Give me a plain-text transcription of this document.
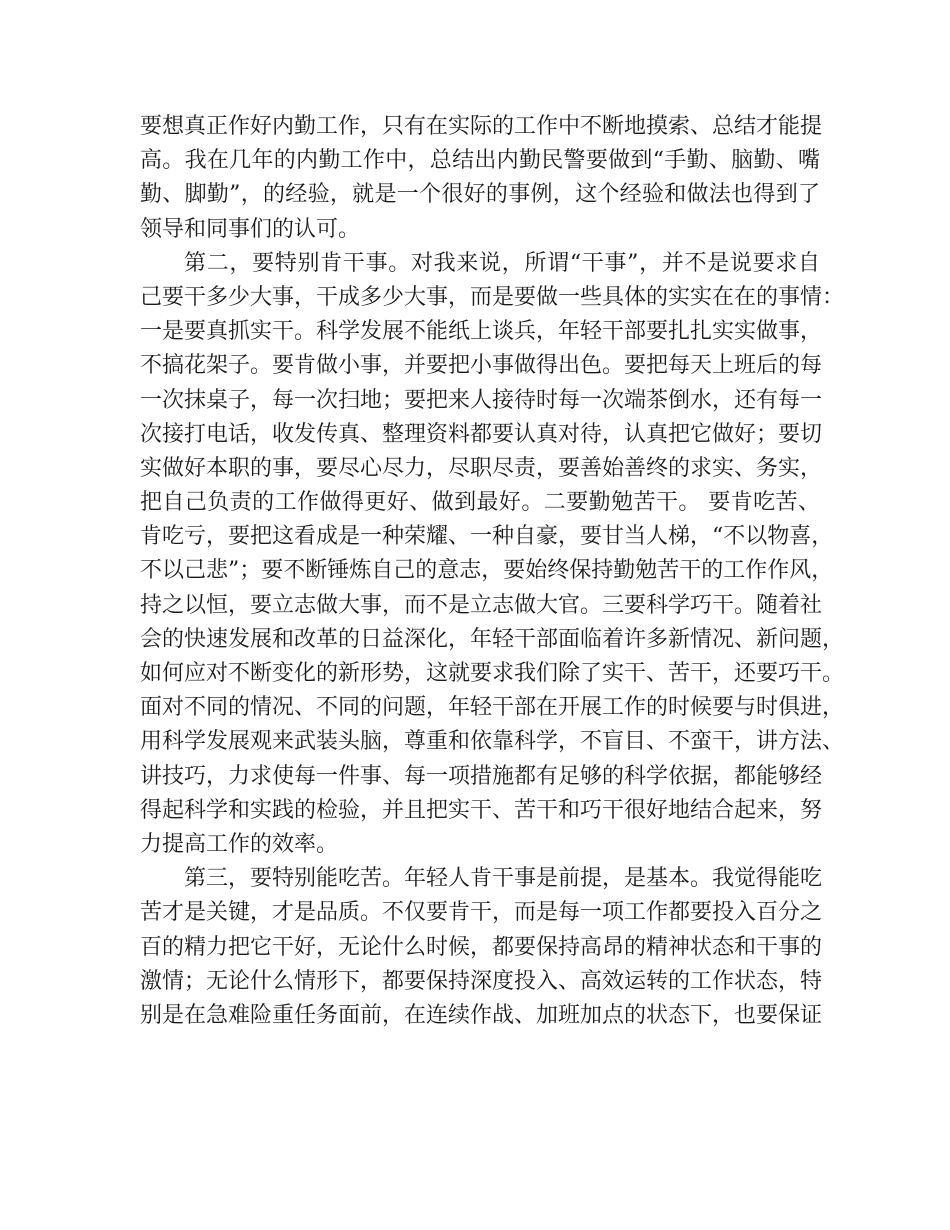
要想真正作好内勤工作，只有在实际的工作中不断地摸索、总结才能提
高。我在几年的内勤工作中，总结出内勤民警要做到“手勤、脑勤、嘴
勤、脚勤”，的经验，就是一个很好的事例，这个经验和做法也得到了
领导和同事们的认可。
第二，要特别肯干事。对我来说，所谓“干事”，并不是说要求自
己要干多少大事，干成多少大事，而是要做一些具体的实实在在的事情：
一是要真抓实干。科学发展不能纸上谈兵，年轻干部要扎扎实实做事，
不搞花架子。要肯做小事，并要把小事做得出色。要把每天上班后的每
一次抹桌子，每一次扫地；要把来人接待时每一次端茶倒水，还有每一
次接打电话，收发传真、整理资料都要认真对待，认真把它做好；要切
实做好本职的事，要尽心尽力，尽职尽责，要善始善终的求实、务实，
把自己负责的工作做得更好、做到最好。二要勤勉苦干。 要肯吃苦、
肯吃亏，要把这看成是一种荣耀、一种自豪，要甘当人梯，“不以物喜，
不以己悲”；要不断锤炼自己的意志，要始终保持勤勉苦干的工作作风，
持之以恒，要立志做大事，而不是立志做大官。三要科学巧干。随着社
会的快速发展和改革的日益深化，年轻干部面临着许多新情况、新问题，
如何应对不断变化的新形势，这就要求我们除了实干、苦干，还要巧干。
面对不同的情况、不同的问题，年轻干部在开展工作的时候要与时俱进，
用科学发展观来武装头脑，尊重和依靠科学，不盲目、不蛮干，讲方法、
讲技巧，力求使每一件事、每一项措施都有足够的科学依据，都能够经
得起科学和实践的检验，并且把实干、苦干和巧干很好地结合起来，努
力提高工作的效率。
第三，要特别能吃苦。年轻人肯干事是前提，是基本。我觉得能吃
苦才是关键，才是品质。不仅要肯干，而是每一项工作都要投入百分之
百的精力把它干好，无论什么时候，都要保持高昂的精神状态和干事的
激情；无论什么情形下，都要保持深度投入、高效运转的工作状态，特
别是在急难险重任务面前，在连续作战、加班加点的状态下，也要保证
